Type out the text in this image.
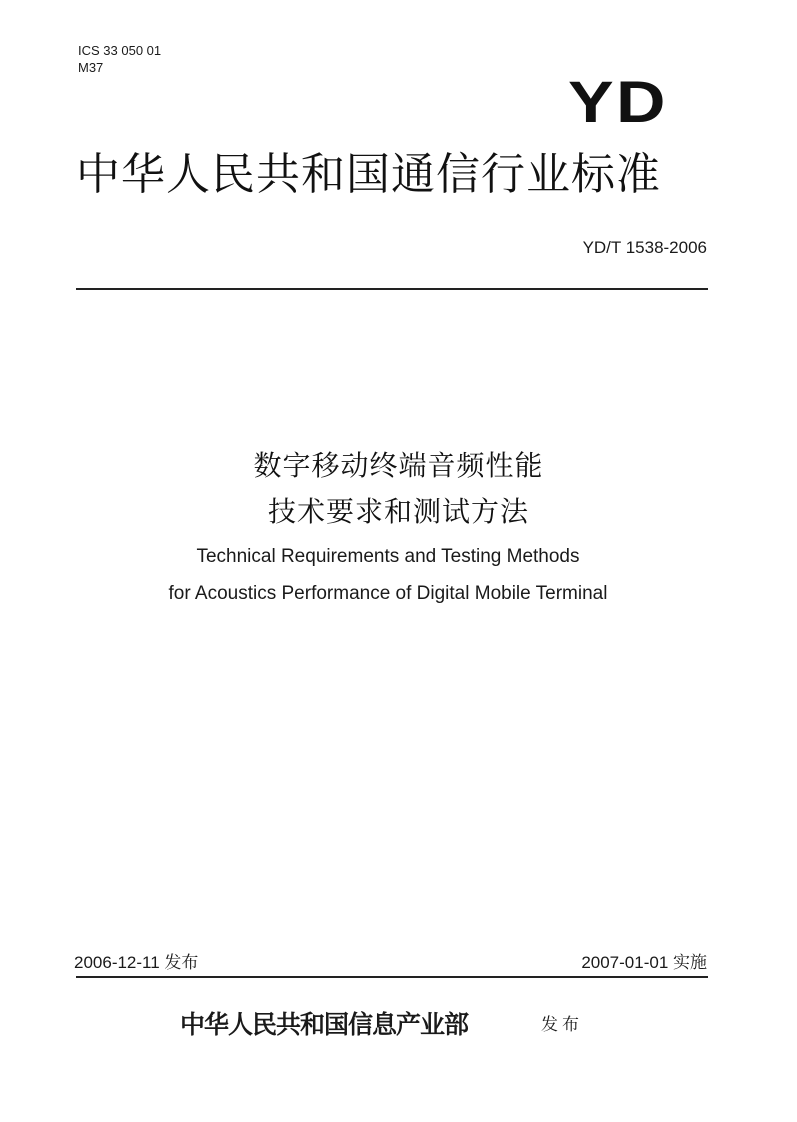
ICS 33 050 01
M37
YD
中华人民共和国通信行业标准
YD/T 1538-2006
数字移动终端音频性能
技术要求和测试方法
Technical Requirements and Testing Methods
for Acoustics Performance of Digital Mobile Terminal
2006-12-11 发布	2007-01-01 实施
中华人民共和国信息产业部	发布
